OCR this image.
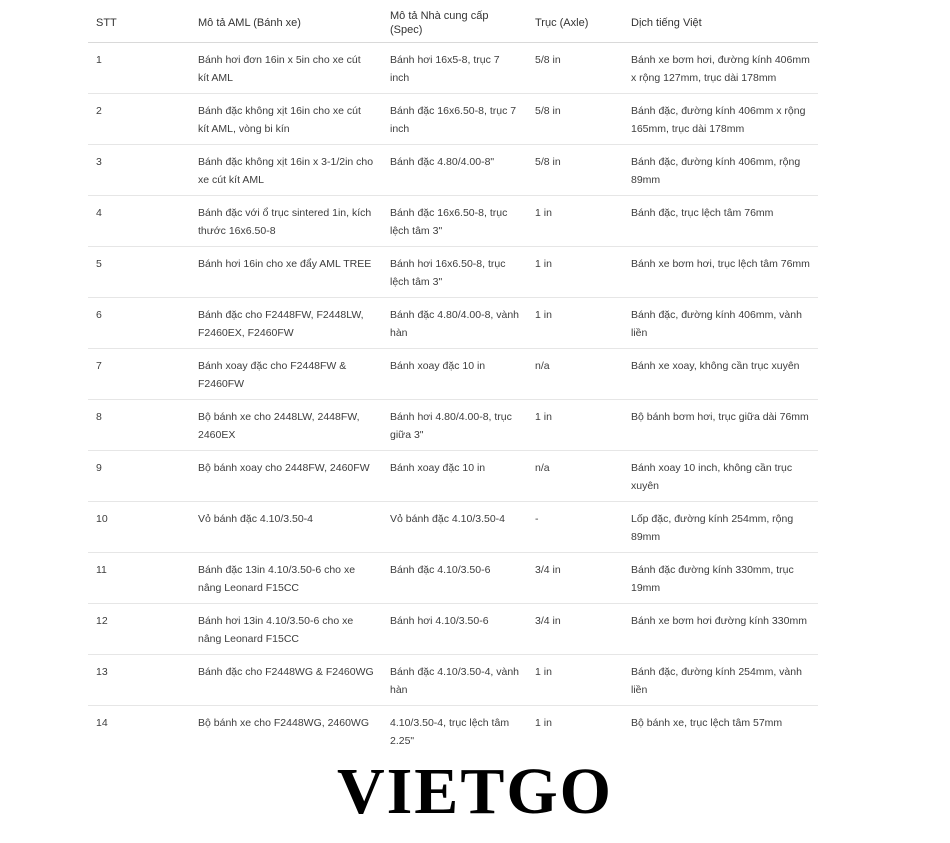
STT	Mô tả AML (Bánh xe)	Mô tả Nhà cung cấp (Spec)	Trục (Axle)	Dịch tiếng Việt
1	Bánh hơi đơn 16in x 5in cho xe cút kít AML	Bánh hơi 16x5-8, trục 7 inch	5/8 in	Bánh xe bơm hơi, đường kính 406mm x rộng 127mm, trục dài 178mm
2	Bánh đặc không xịt 16in cho xe cút kít AML, vòng bi kín	Bánh đặc 16x6.50-8, trục 7 inch	5/8 in	Bánh đặc, đường kính 406mm x rộng 165mm, trục dài 178mm
3	Bánh đặc không xịt 16in x 3-1/2in cho xe cút kít AML	Bánh đặc 4.80/4.00-8"	5/8 in	Bánh đặc, đường kính 406mm, rộng 89mm
4	Bánh đặc với ổ trục sintered 1in, kích thước 16x6.50-8	Bánh đặc 16x6.50-8, trục lệch tâm 3"	1 in	Bánh đặc, trục lệch tâm 76mm
5	Bánh hơi 16in cho xe đẩy AML TREE	Bánh hơi 16x6.50-8, trục lệch tâm 3"	1 in	Bánh xe bơm hơi, trục lệch tâm 76mm
6	Bánh đặc cho F2448FW, F2448LW, F2460EX, F2460FW	Bánh đặc 4.80/4.00-8, vành hàn	1 in	Bánh đặc, đường kính 406mm, vành liền
7	Bánh xoay đặc cho F2448FW & F2460FW	Bánh xoay đặc 10 in	n/a	Bánh xe xoay, không cần trục xuyên
8	Bộ bánh xe cho 2448LW, 2448FW, 2460EX	Bánh hơi 4.80/4.00-8, trục giữa 3"	1 in	Bộ bánh bơm hơi, trục giữa dài 76mm
9	Bộ bánh xoay cho 2448FW, 2460FW	Bánh xoay đặc 10 in	n/a	Bánh xoay 10 inch, không cần trục xuyên
10	Vỏ bánh đặc 4.10/3.50-4	Vỏ bánh đặc 4.10/3.50-4	-	Lốp đặc, đường kính 254mm, rộng 89mm
11	Bánh đặc 13in 4.10/3.50-6 cho xe nâng Leonard F15CC	Bánh đặc 4.10/3.50-6	3/4 in	Bánh đặc đường kính 330mm, trục 19mm
12	Bánh hơi 13in 4.10/3.50-6 cho xe nâng Leonard F15CC	Bánh hơi 4.10/3.50-6	3/4 in	Bánh xe bơm hơi đường kính 330mm
13	Bánh đặc cho F2448WG & F2460WG	Bánh đặc 4.10/3.50-4, vành hàn	1 in	Bánh đặc, đường kính 254mm, vành liền
14	Bộ bánh xe cho F2448WG, 2460WG	4.10/3.50-4, trục lệch tâm 2.25"	1 in	Bộ bánh xe, trục lệch tâm 57mm
VIETGO
